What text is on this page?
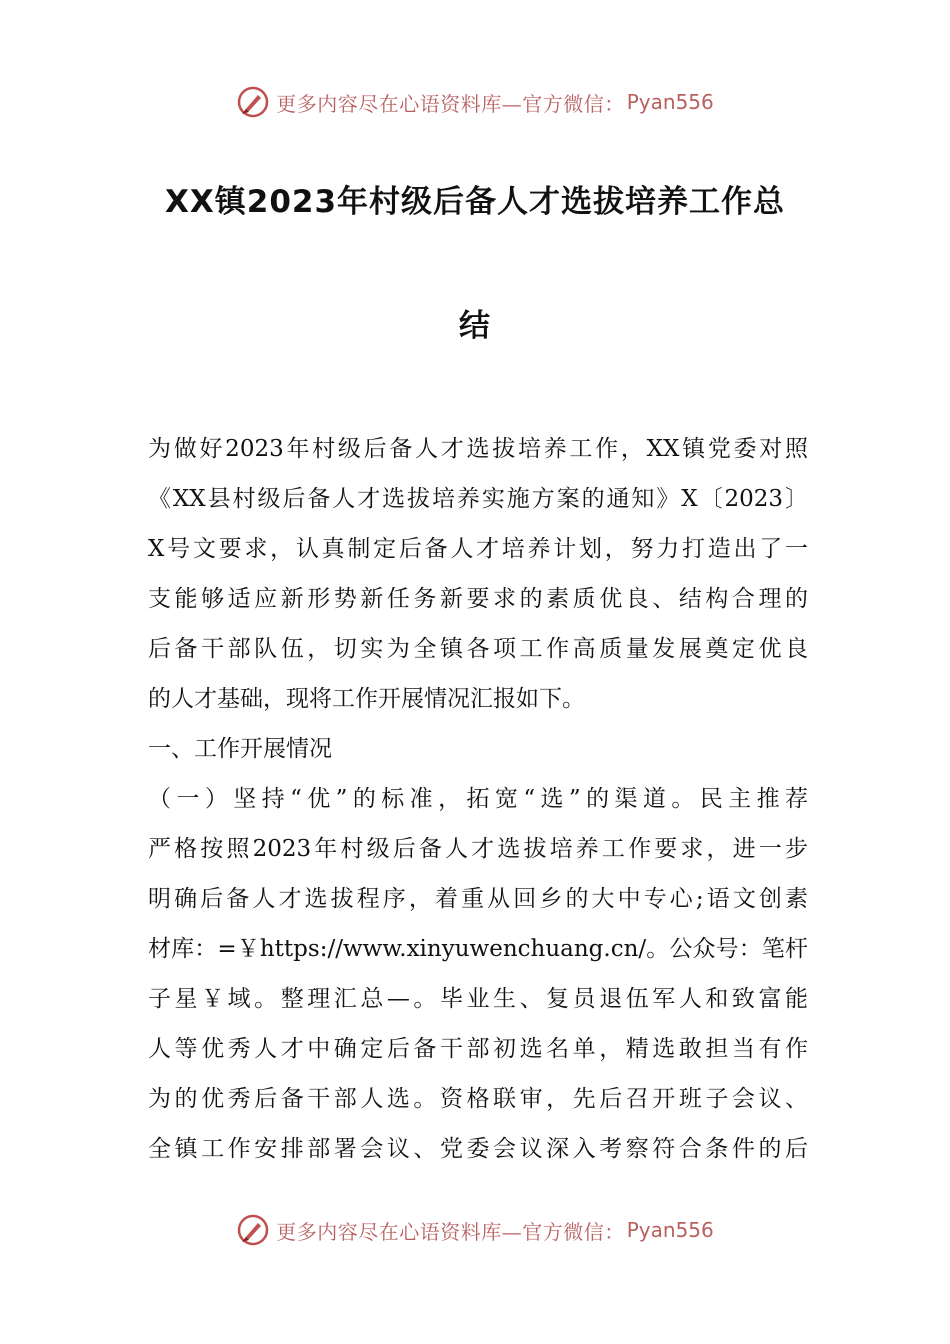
更多内容尽在心语资料库—官方微信： Pyan556
XX镇2023年村级后备人才选拔培养工作总
结
为做好2023年村级后备人才选拔培养工作，XX镇党委对照
《XX县村级后备人才选拔培养实施方案的通知》X〔2023〕
X号文要求，认真制定后备人才培养计划，努力打造出了一
支能够适应新形势新任务新要求的素质优良、结构合理的
后备干部队伍，切实为全镇各项工作高质量发展奠定优良
的人才基础，现将工作开展情况汇报如下。
一、工作开展情况
（一）坚持“优”的标准，拓宽“选”的渠道。民主推荐
严格按照2023年村级后备人才选拔培养工作要求，进一步
明确后备人才选拔程序，着重从回乡的大中专心;语文创素
材库：=￥https://www.xinyuwenchuang.cn/。公众号：笔杆
子星￥域。整理汇总—。毕业生、复员退伍军人和致富能
人等优秀人才中确定后备干部初选名单，精选敢担当有作
为的优秀后备干部人选。资格联审，先后召开班子会议、
全镇工作安排部署会议、党委会议深入考察符合条件的后
更多内容尽在心语资料库—官方微信： Pyan556
